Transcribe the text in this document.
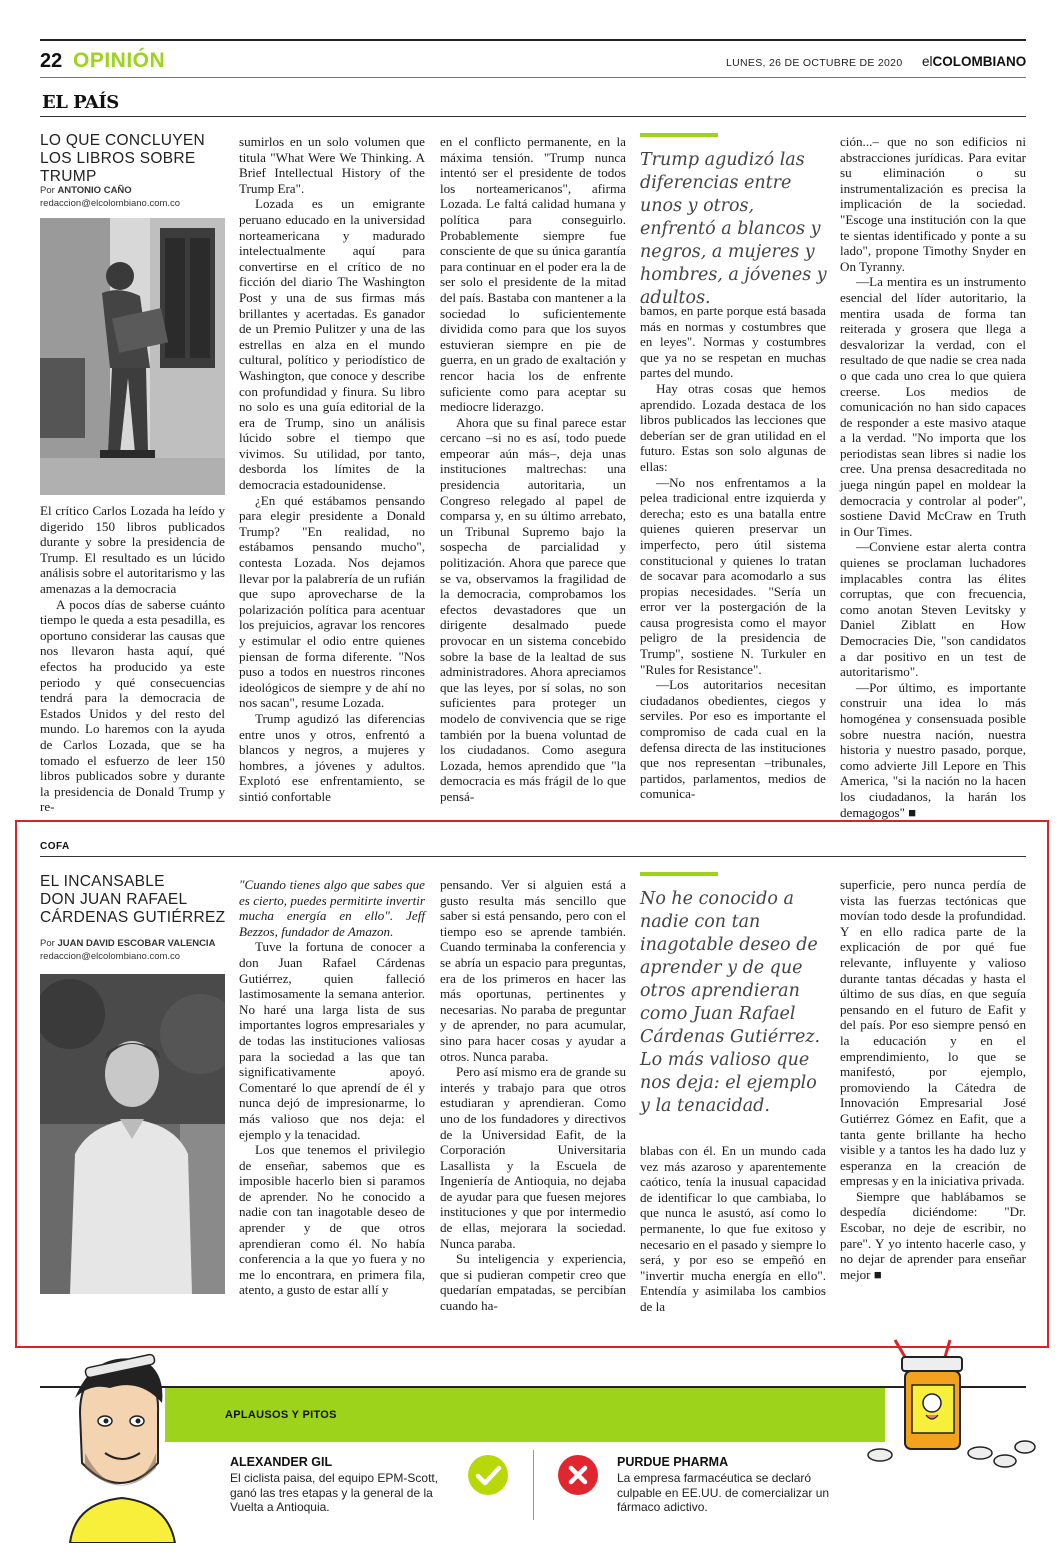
22 OPINIÓN	LUNES, 26 DE OCTUBRE DE 2020 elCOLOMBIANO
EL PAÍS
LO QUE CONCLUYEN LOS LIBROS SOBRE TRUMP
Por ANTONIO CAÑO
redaccion@elcolombiano.com.co

El crítico Carlos Lozada ha leído y digerido 150 libros publicados durante y sobre la presidencia de Trump. El resultado es un lúcido análisis sobre el autoritarismo y las amenazas a la democracia

A pocos días de saberse cuánto tiempo le queda a esta pesadilla, es oportuno considerar las causas que nos llevaron hasta aquí, qué efectos ha producido ya este periodo y qué consecuencias tendrá para la democracia de Estados Unidos y del resto del mundo. Lo haremos con la ayuda de Carlos Lozada, que se ha tomado el esfuerzo de leer 150 libros publicados sobre y durante la presidencia de Donald Trump y re-

sumirlos en un solo volumen que titula "What Were We Thinking. A Brief Intellectual History of the Trump Era".

Lozada es un emigrante peruano educado en la universidad norteamericana y madurado intelectualmente aquí para convertirse en el crítico de no ficción del diario The Washington Post y una de sus firmas más brillantes y acertadas. Es ganador de un Premio Pulitzer y una de las estrellas en alza en el mundo cultural, político y periodístico de Washington, que conoce y describe con profundidad y finura. Su libro no solo es una guía editorial de la era de Trump, sino un análisis lúcido sobre el tiempo que vivimos. Su utilidad, por tanto, desborda los límites de la democracia estadounidense.

¿En qué estábamos pensando para elegir presidente a Donald Trump? "En realidad, no estábamos pensando mucho", contesta Lozada. Nos dejamos llevar por la palabrería de un rufián que supo aprovecharse de la polarización política para acentuar los prejuicios, agravar los rencores y estimular el odio entre quienes piensan de forma diferente. "Nos puso a todos en nuestros rincones ideológicos de siempre y de ahí no nos sacan", resume Lozada.

Trump agudizó las diferencias entre unos y otros, enfrentó a blancos y negros, a mujeres y hombres, a jóvenes y adultos. Explotó ese enfrentamiento, se sintió confortable

en el conflicto permanente, en la máxima tensión. "Trump nunca intentó ser el presidente de todos los norteamericanos", afirma Lozada. Le faltá calidad humana y política para conseguirlo. Probablemente siempre fue consciente de que su única garantía para continuar en el poder era la de ser solo el presidente de la mitad del país. Bastaba con mantener a la sociedad lo suficientemente dividida como para que los suyos estuvieran siempre en pie de guerra, en un grado de exaltación y rencor hacia los de enfrente suficiente como para aceptar su mediocre liderazgo.

Ahora que su final parece estar cercano –si no es así, todo puede empeorar aún más–, deja unas instituciones maltrechas: una presidencia autoritaria, un Congreso relegado al papel de comparsa y, en su último arrebato, un Tribunal Supremo bajo la sospecha de parcialidad y politización. Ahora que parece que se va, observamos la fragilidad de la democracia, comprobamos los efectos devastadores que un dirigente desalmado puede provocar en un sistema concebido sobre la base de la lealtad de sus administradores. Ahora apreciamos que las leyes, por sí solas, no son suficientes para proteger un modelo de convivencia que se rige también por la buena voluntad de los ciudadanos. Como asegura Lozada, hemos aprendido que "la democracia es más frágil de lo que pensá-

Trump agudizó las diferencias entre unos y otros, enfrentó a blancos y negros, a mujeres y hombres, a jóvenes y adultos.

bamos, en parte porque está basada más en normas y costumbres que en leyes". Normas y costumbres que ya no se respetan en muchas partes del mundo.

Hay otras cosas que hemos aprendido. Lozada destaca de los libros publicados las lecciones que deberían ser de gran utilidad en el futuro. Estas son solo algunas de ellas:

—No nos enfrentamos a la pelea tradicional entre izquierda y derecha; esto es una batalla entre quienes quieren preservar un imperfecto, pero útil sistema constitucional y quienes lo tratan de socavar para acomodarlo a sus propias necesidades. "Sería un error ver la postergación de la causa progresista como el mayor peligro de la presidencia de Trump", sostiene N. Turkuler en "Rules for Resistance".

—Los autoritarios necesitan ciudadanos obedientes, ciegos y serviles. Por eso es importante el compromiso de cada cual en la defensa directa de las instituciones que nos representan –tribunales, partidos, parlamentos, medios de comunica-

ción...– que no son edificios ni abstracciones jurídicas. Para evitar su eliminación o su instrumentalización es precisa la implicación de la sociedad. "Escoge una institución con la que te sientas identificado y ponte a su lado", propone Timothy Snyder en On Tyranny.

—La mentira es un instrumento esencial del líder autoritario, la mentira usada de forma tan reiterada y grosera que llega a desvalorizar la verdad, con el resultado de que nadie se crea nada o que cada uno crea lo que quiera creerse. Los medios de comunicación no han sido capaces de responder a este masivo ataque a la verdad. "No importa que los periodistas sean libres si nadie los cree. Una prensa desacreditada no juega ningún papel en moldear la democracia y controlar al poder", sostiene David McCraw en Truth in Our Times.

—Conviene estar alerta contra quienes se proclaman luchadores implacables contra las élites corruptas, que con frecuencia, como anotan Steven Levitsky y Daniel Ziblatt en How Democracies Die, "son candidatos a dar positivo en un test de autoritarismo".

—Por último, es importante construir una idea lo más homogénea y consensuada posible sobre nuestra nación, nuestra historia y nuestro pasado, porque, como advierte Jill Lepore en This America, "si la nación no la hacen los ciudadanos, la harán los demagogos" ■

COFA
EL INCANSABLE
DON JUAN RAFAEL
CÁRDENAS GUTIÉRREZ
Por JUAN DAVID ESCOBAR VALENCIA
redaccion@elcolombiano.com.co

"Cuando tienes algo que sabes que es cierto, puedes permitirte invertir mucha energía en ello". Jeff Bezzos, fundador de Amazon.

Tuve la fortuna de conocer a don Juan Rafael Cárdenas Gutiérrez, quien falleció lastimosamente la semana anterior. No haré una larga lista de sus importantes logros empresariales y de todas las instituciones valiosas para la sociedad a las que tan significativamente apoyó. Comentaré lo que aprendí de él y nunca dejó de impresionarme, lo más valioso que nos deja: el ejemplo y la tenacidad.

Los que tenemos el privilegio de enseñar, sabemos que es imposible hacerlo bien si paramos de aprender. No he conocido a nadie con tan inagotable deseo de aprender y de que otros aprendieran como él. No había conferencia a la que yo fuera y no me lo encontrara, en primera fila, atento, a gusto de estar allí y

pensando. Ver si alguien está a gusto resulta más sencillo que saber si está pensando, pero con el tiempo eso se aprende también. Cuando terminaba la conferencia y se abría un espacio para preguntas, era de los primeros en hacer las más oportunas, pertinentes y necesarias. No paraba de preguntar y de aprender, no para acumular, sino para hacer cosas y ayudar a otros. Nunca paraba.

Pero así mismo era de grande su interés y trabajo para que otros estudiaran y aprendieran. Como uno de los fundadores y directivos de la Universidad Eafit, de la Corporación Universitaria Lasallista y la Escuela de Ingeniería de Antioquia, no dejaba de ayudar para que fuesen mejores instituciones y que por intermedio de ellas, mejorara la sociedad. Nunca paraba.

Su inteligencia y experiencia, que si pudieran competir creo que quedarían empatadas, se percibían cuando ha-

No he conocido a nadie con tan inagotable deseo de aprender y de que otros aprendieran como Juan Rafael Cárdenas Gutiérrez. Lo más valioso que nos deja: el ejemplo y la tenacidad.

blabas con él. En un mundo cada vez más azaroso y aparentemente caótico, tenía la inusual capacidad de identificar lo que cambiaba, lo que nunca le asustó, así como lo permanente, lo que fue exitoso y necesario en el pasado y siempre lo será, y por eso se empeñó en "invertir mucha energía en ello". Entendía y asimilaba los cambios de la

superficie, pero nunca perdía de vista las fuerzas tectónicas que movían todo desde la profundidad. Y en ello radica parte de la explicación de por qué fue relevante, influyente y valioso durante tantas décadas y hasta el último de sus días, en que seguía pensando en el futuro de Eafit y del país. Por eso siempre pensó en la educación y en el emprendimiento, lo que se manifestó, por ejemplo, promoviendo la Cátedra de Innovación Empresarial José Gutiérrez Gómez en Eafit, que a tanta gente brillante ha hecho visible y a tantos les ha dado luz y esperanza en la creación de empresas y en la iniciativa privada.

Siempre que hablábamos se despedía diciéndome: "Dr. Escobar, no deje de escribir, no pare". Y yo intento hacerle caso, y no dejar de aprender para enseñar mejor ■

APLAUSOS Y PITOS
ALEXANDER GIL
El ciclista paisa, del equipo EPM-Scott, ganó las tres etapas y la general de la Vuelta a Antioquia.
PURDUE PHARMA
La empresa farmacéutica se declaró culpable en EE.UU. de comercializar un fármaco adictivo.
